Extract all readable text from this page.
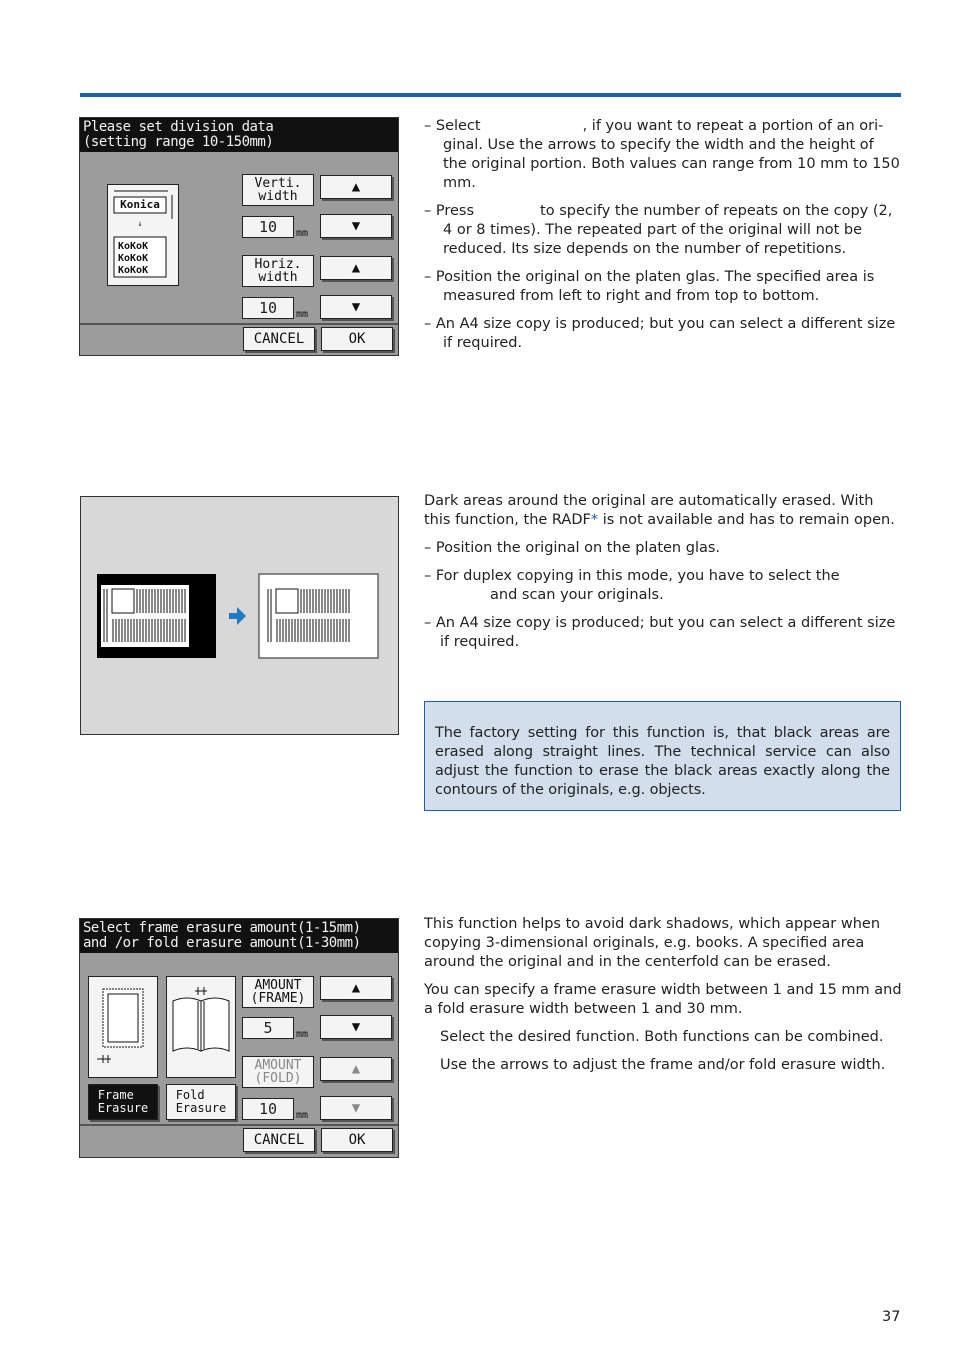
Please set division data
(setting range 10-150mm)
↓
KoKoK
KoKoK
KoKoK
Konica
Verti.
width
▲
10	mm	▼
Horiz.
width
▲
10	mm	▼
CANCEL	OK

– Select	, if you want to repeat a portion of an ori- ginal. Use the arrows to specify the width and the height of the original portion. Both values can range from 10 mm to 150 mm.

– Press	to specify the number of repeats on the copy (2, 4 or 8 times). The repeated part of the original will not be reduced. Its size depends on the number of repetitions.

– Position the original on the platen glas. The specified area is measured from left to right and from top to bottom.

– An A4 size copy is produced; but you can select a different size if required.

Dark areas around the original are automatically erased. With this function, the RADF* is not available and has to remain open.

– Position the original on the platen glas.

– For duplex copying in this mode, you have to select the
and scan your originals.

– An A4 size copy is produced; but you can select a different size if required.

The factory setting for this function is, that black areas are erased along straight lines. The technical service can also adjust the function to erase the black areas exactly along the contours of the originals, e.g. objects.
Select frame erasure amount(1-15mm)
and /or fold erasure amount(1-30mm)
Frame
Erasure
Fold
Erasure
AMOUNT
(FRAME)
▲
5	mm	▼
AMOUNT
(FOLD)
▲
10	mm	▼
CANCEL	OK

This function helps to avoid dark shadows, which appear when copying 3-dimensional originals, e.g. books. A specified area around the original and in the centerfold can be erased.

You can specify a frame erasure width between 1 and 15 mm and a fold erasure width between 1 and 30 mm.

Select the desired function. Both functions can be combined.

Use the arrows to adjust the frame and/or fold erasure width.

37
